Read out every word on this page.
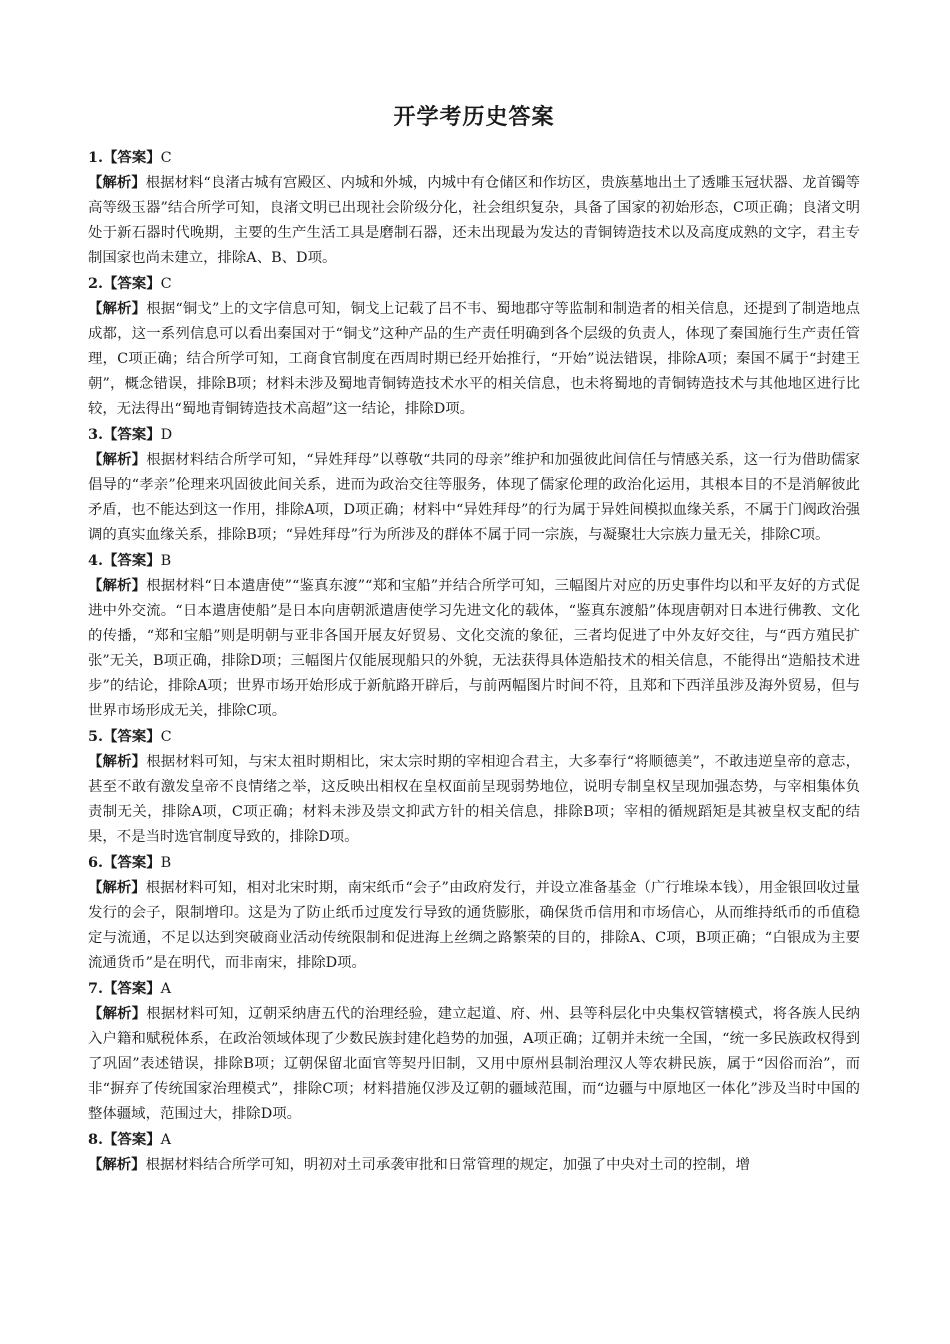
开学考历史答案
1.【答案】C

【解析】根据材料“良渚古城有宫殿区、内城和外城，内城中有仓储区和作坊区，贵族墓地出土了透雕玉冠状器、龙首镯等高等级玉器”结合所学可知，良渚文明已出现社会阶级分化，社会组织复杂，具备了国家的初始形态，C项正确；良渚文明处于新石器时代晚期，主要的生产生活工具是磨制石器，还未出现最为发达的青铜铸造技术以及高度成熟的文字，君主专制国家也尚未建立，排除A、B、D项。

2.【答案】C

【解析】根据“铜戈”上的文字信息可知，铜戈上记载了吕不韦、蜀地郡守等监制和制造者的相关信息，还提到了制造地点成都，这一系列信息可以看出秦国对于“铜戈”这种产品的生产责任明确到各个层级的负责人，体现了秦国施行生产责任管理，C项正确；结合所学可知，工商食官制度在西周时期已经开始推行，“开始”说法错误，排除A项；秦国不属于“封建王朝”，概念错误，排除B项；材料未涉及蜀地青铜铸造技术水平的相关信息，也未将蜀地的青铜铸造技术与其他地区进行比较，无法得出“蜀地青铜铸造技术高超”这一结论，排除D项。

3.【答案】D

【解析】根据材料结合所学可知，“异姓拜母”以尊敬“共同的母亲”维护和加强彼此间信任与情感关系，这一行为借助儒家倡导的“孝亲”伦理来巩固彼此间关系，进而为政治交往等服务，体现了儒家伦理的政治化运用，其根本目的不是消解彼此矛盾，也不能达到这一作用，排除A项，D项正确；材料中“异姓拜母”的行为属于异姓间模拟血缘关系，不属于门阀政治强调的真实血缘关系，排除B项；“异姓拜母”行为所涉及的群体不属于同一宗族，与凝聚壮大宗族力量无关，排除C项。

4.【答案】B

【解析】根据材料“日本遣唐使”“鉴真东渡”“郑和宝船”并结合所学可知，三幅图片对应的历史事件均以和平友好的方式促进中外交流。“日本遣唐使船”是日本向唐朝派遣唐使学习先进文化的载体，“鉴真东渡船”体现唐朝对日本进行佛教、文化的传播，“郑和宝船”则是明朝与亚非各国开展友好贸易、文化交流的象征，三者均促进了中外友好交往，与“西方殖民扩张”无关，B项正确，排除D项；三幅图片仅能展现船只的外貌，无法获得具体造船技术的相关信息，不能得出“造船技术进步”的结论，排除A项；世界市场开始形成于新航路开辟后，与前两幅图片时间不符，且郑和下西洋虽涉及海外贸易，但与世界市场形成无关，排除C项。

5.【答案】C

【解析】根据材料可知，与宋太祖时期相比，宋太宗时期的宰相迎合君主，大多奉行“将顺德美”，不敢违逆皇帝的意志，甚至不敢有激发皇帝不良情绪之举，这反映出相权在皇权面前呈现弱势地位，说明专制皇权呈现加强态势，与宰相集体负责制无关，排除A项，C项正确；材料未涉及崇文抑武方针的相关信息，排除B项；宰相的循规蹈矩是其被皇权支配的结果，不是当时选官制度导致的，排除D项。

6.【答案】B

【解析】根据材料可知，相对北宋时期，南宋纸币“会子”由政府发行，并设立准备基金（广行堆垛本钱），用金银回收过量发行的会子，限制增印。这是为了防止纸币过度发行导致的通货膨胀，确保货币信用和市场信心，从而维持纸币的币值稳定与流通，不足以达到突破商业活动传统限制和促进海上丝绸之路繁荣的目的，排除A、C项，B项正确；“白银成为主要流通货币”是在明代，而非南宋，排除D项。

7.【答案】A

【解析】根据材料可知，辽朝采纳唐五代的治理经验，建立起道、府、州、县等科层化中央集权管辖模式，将各族人民纳入户籍和赋税体系，在政治领域体现了少数民族封建化趋势的加强，A项正确；辽朝并未统一全国，“统一多民族政权得到了巩固”表述错误，排除B项；辽朝保留北面官等契丹旧制，又用中原州县制治理汉人等农耕民族，属于“因俗而治”，而非“摒弃了传统国家治理模式”，排除C项；材料措施仅涉及辽朝的疆域范围，而“边疆与中原地区一体化”涉及当时中国的整体疆域，范围过大，排除D项。

8.【答案】A

【解析】根据材料结合所学可知，明初对土司承袭审批和日常管理的规定，加强了中央对土司的控制，增
